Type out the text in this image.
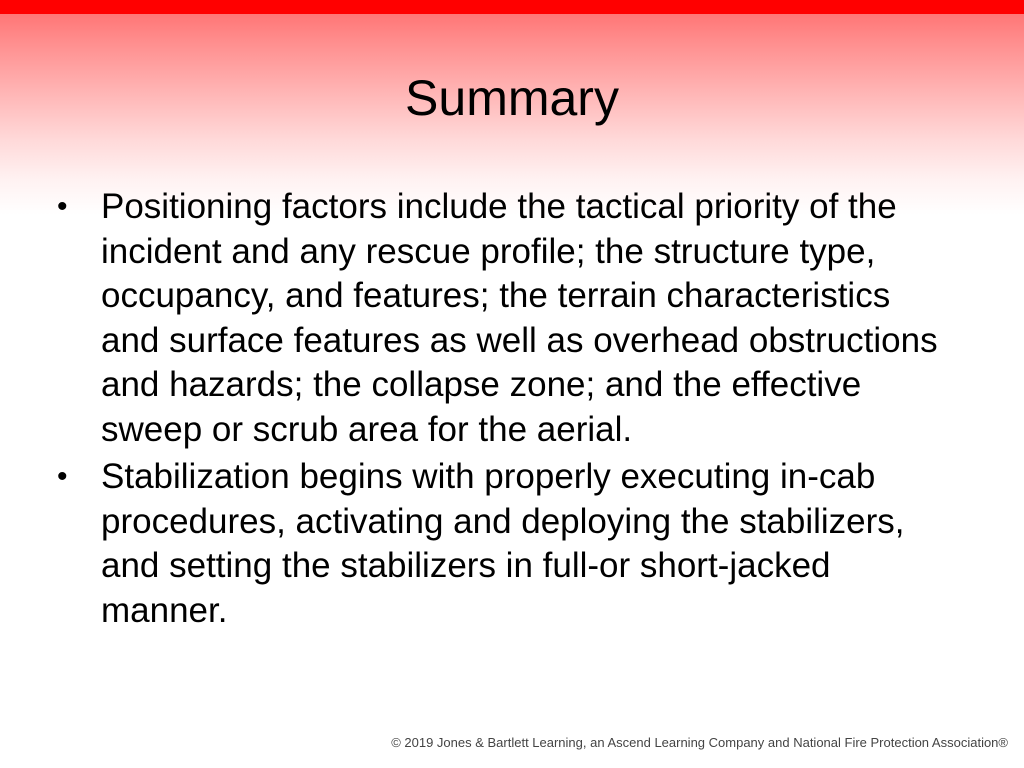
Summary
• Positioning factors include the tactical priority of the incident and any rescue profile; the structure type, occupancy, and features; the terrain characteristics and surface features as well as overhead obstructions and hazards; the collapse zone; and the effective sweep or scrub area for the aerial.
• Stabilization begins with properly executing in-cab procedures, activating and deploying the stabilizers, and setting the stabilizers in full-or short-jacked manner.
© 2019 Jones & Bartlett Learning, an Ascend Learning Company and National Fire Protection Association®
